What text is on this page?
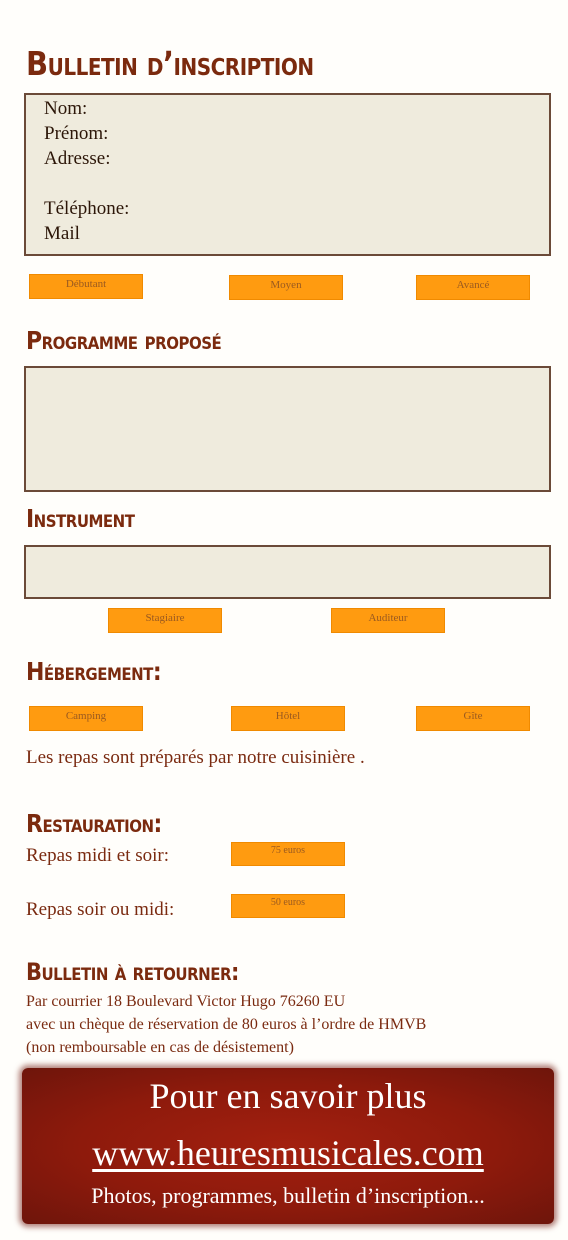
Bulletin d’inscription
Nom:
Prénom:
Adresse:
Téléphone:
Mail
Débutant	Moyen	Avancé
Programme proposé
Instrument
Stagiaire	Auditeur
Hébergement:
Camping	Hôtel	Gîte
Les repas sont préparés par notre cuisinière .
Restauration:
Repas midi et soir:	75 euros
Repas soir ou midi:	50 euros
Bulletin à retourner:
Par courrier 18 Boulevard Victor Hugo 76260 EU
avec un chèque de réservation de 80 euros à l’ordre de HMVB
(non remboursable en cas de désistement)
Pour en savoir plus
www.heuresmusicales.com
Photos, programmes, bulletin d’inscription...
